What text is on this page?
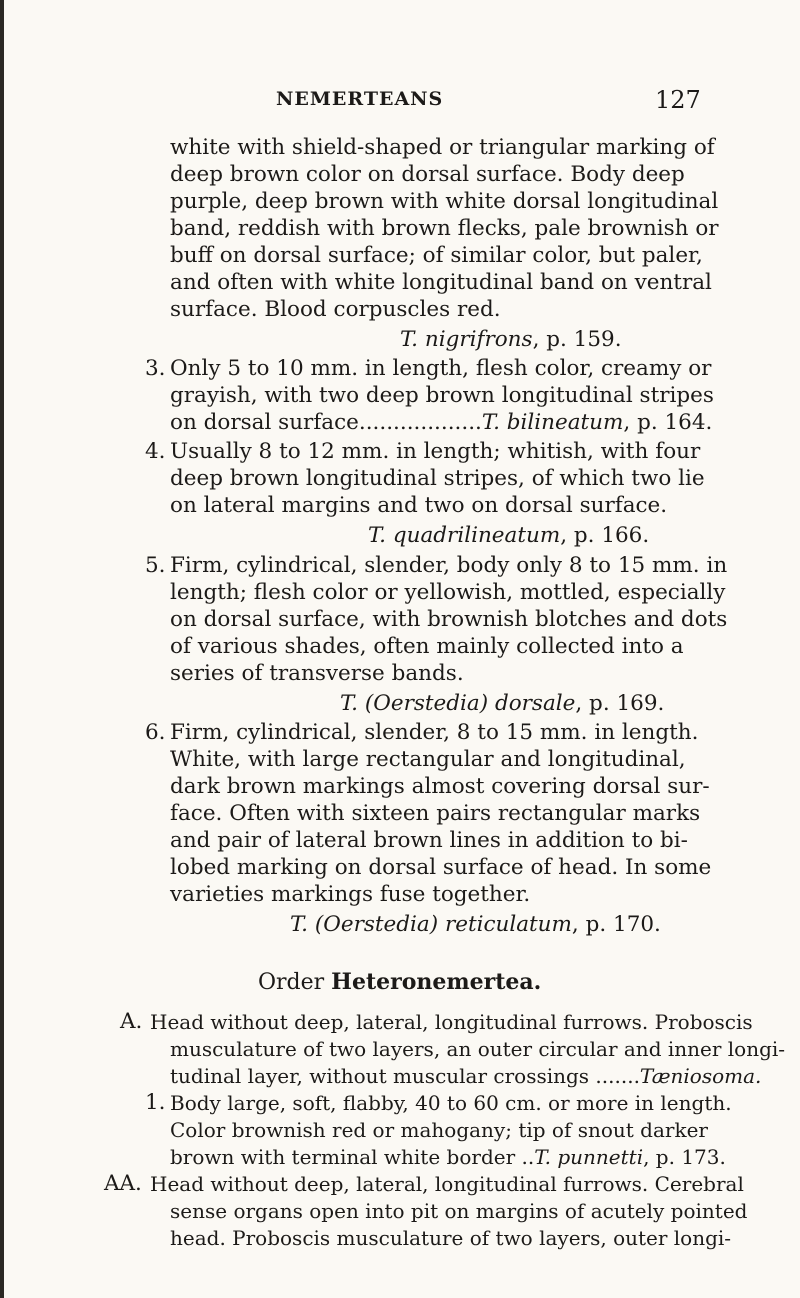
NEMERTEANS	127
white with shield-shaped or triangular marking of
deep brown color on dorsal surface. Body deep
purple, deep brown with white dorsal longitudinal
band, reddish with brown flecks, pale brownish or
buff on dorsal surface; of similar color, but paler,
and often with white longitudinal band on ventral
surface. Blood corpuscles red.
T. nigrifrons, p. 159.
3. Only 5 to 10 mm. in length, flesh color, creamy or
grayish, with two deep brown longitudinal stripes
on dorsal surface..................T. bilineatum, p. 164.
4. Usually 8 to 12 mm. in length; whitish, with four
deep brown longitudinal stripes, of which two lie
on lateral margins and two on dorsal surface.
T. quadrilineatum, p. 166.
5. Firm, cylindrical, slender, body only 8 to 15 mm. in
length; flesh color or yellowish, mottled, especially
on dorsal surface, with brownish blotches and dots
of various shades, often mainly collected into a
series of transverse bands.
T. (Oerstedia) dorsale, p. 169.
6. Firm, cylindrical, slender, 8 to 15 mm. in length.
White, with large rectangular and longitudinal,
dark brown markings almost covering dorsal sur-
face. Often with sixteen pairs rectangular marks
and pair of lateral brown lines in addition to bi-
lobed marking on dorsal surface of head. In some
varieties markings fuse together.
T. (Oerstedia) reticulatum, p. 170.
Order Heteronemertea.
A. Head without deep, lateral, longitudinal furrows. Proboscis
musculature of two layers, an outer circular and inner longi-
tudinal layer, without muscular crossings .......Tæniosoma.
1. Body large, soft, flabby, 40 to 60 cm. or more in length.
Color brownish red or mahogany; tip of snout darker
brown with terminal white border ..T. punnetti, p. 173.
AA. Head without deep, lateral, longitudinal furrows. Cerebral
sense organs open into pit on margins of acutely pointed
head. Proboscis musculature of two layers, outer longi-
